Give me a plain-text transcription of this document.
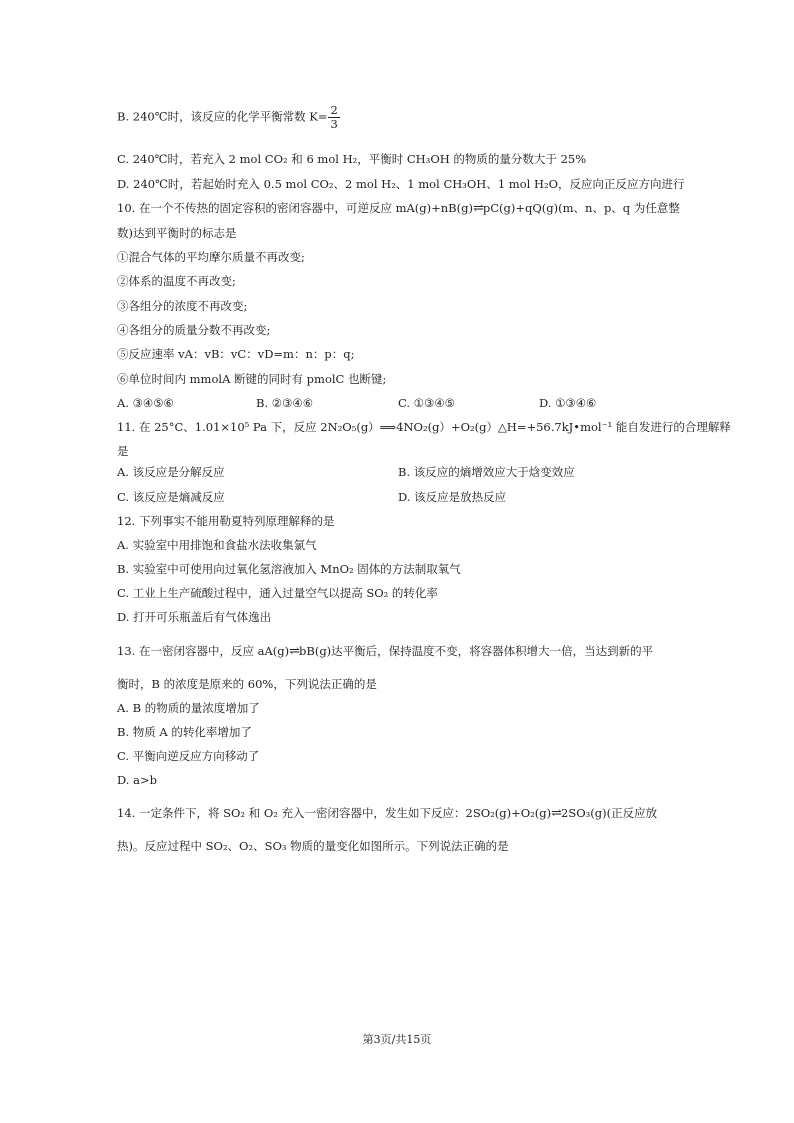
B. 240℃时，该反应的化学平衡常数 $K= \frac{2}{3}$
C. 240℃时，若充入 2 mol CO₂ 和 6 mol H₂，平衡时 CH₃OH 的物质的量分数大于 25%
D. 240℃时，若起始时充入 0.5 mol CO₂、2 mol H₂、1 mol CH₃OH、1 mol H₂O，反应向正反应方向进行
10. 在一个不传热的固定容积的密闭容器中，可逆反应 mA(g)+nB(g)⇌pC(g)+qQ(g)(m、n、p、q 为任意整
数)达到平衡时的标志是
①混合气体的平均摩尔质量不再改变;
②体系的温度不再改变;
③各组分的浓度不再改变;
④各组分的质量分数不再改变;
⑤反应速率 vA：vB：vC：vD=m：n：p：q;
⑥单位时间内 mmolA 断键的同时有 pmolC 也断键;
A. ③④⑤⑥	B. ②③④⑥	C. ①③④⑤	D. ①③④⑥
11. 在 25°C、1.01×10⁵ Pa 下，反应 2N₂O₅(g）⟹4NO₂(g）+O₂(g）△H=+56.7kJ•mol⁻¹ 能自发进行的合理解释
是
A. 该反应是分解反应	B. 该反应的熵增效应大于焓变效应
C. 该反应是熵减反应	D. 该反应是放热反应
12. 下列事实不能用勒夏特列原理解释的是
A. 实验室中用排饱和食盐水法收集氯气
B. 实验室中可使用向过氧化氢溶液加入 MnO₂ 固体的方法制取氧气
C. 工业上生产硫酸过程中，通入过量空气以提高 SO₂ 的转化率
D. 打开可乐瓶盖后有气体逸出
13. 在一密闭容器中，反应 aA(g)⇌bB(g)达平衡后，保持温度不变，将容器体积增大一倍，当达到新的平
衡时，B 的浓度是原来的 60%，下列说法正确的是
A. B 的物质的量浓度增加了
B. 物质 A 的转化率增加了
C. 平衡向逆反应方向移动了
D. a>b
14. 一定条件下，将 SO₂ 和 O₂ 充入一密闭容器中，发生如下反应：2SO₂(g)+O₂(g)⇌2SO₃(g)(正反应放
热)。反应过程中 SO₂、O₂、SO₃ 物质的量变化如图所示。下列说法正确的是
第3页/共15页
